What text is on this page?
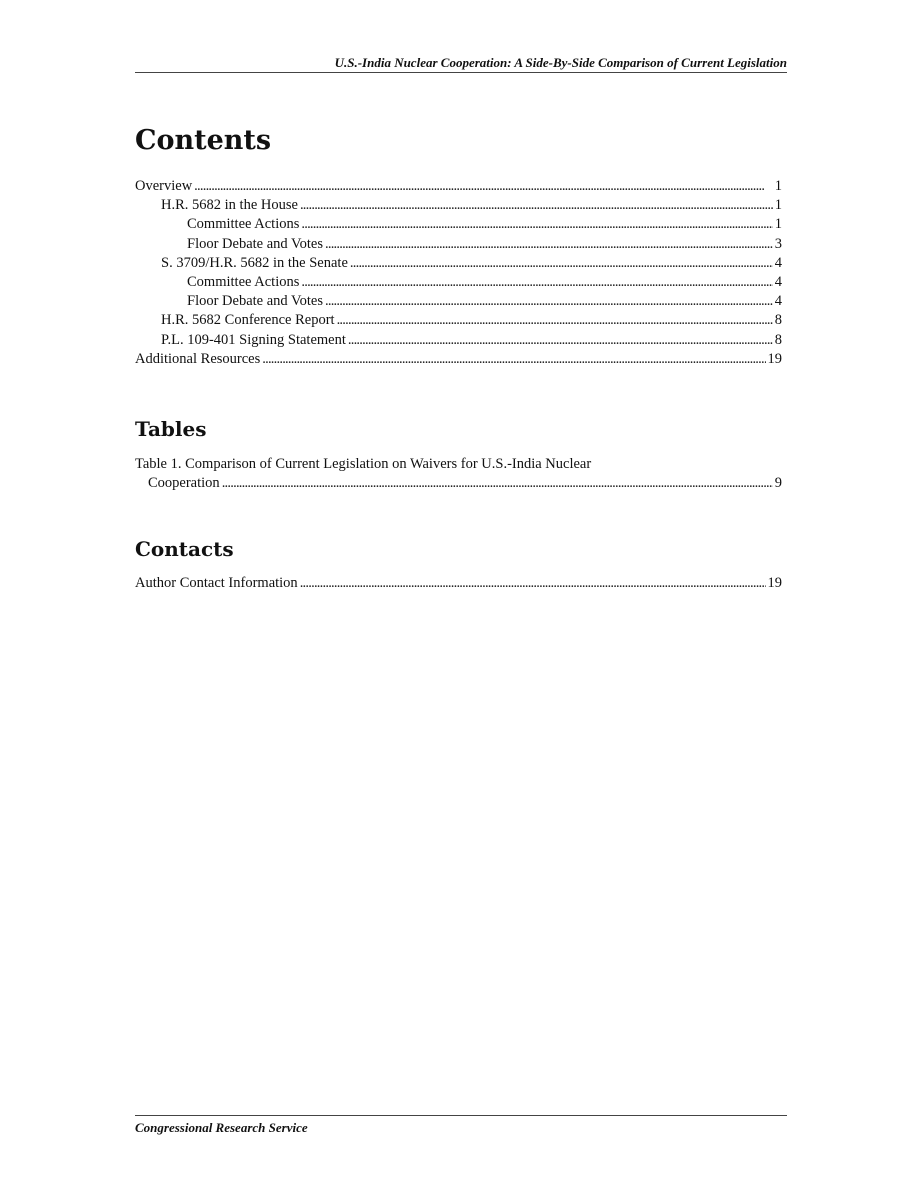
U.S.-India Nuclear Cooperation: A Side-By-Side Comparison of Current Legislation
Contents
Overview . . .	1
H.R. 5682 in the House . . .	1
Committee Actions . . .	1
Floor Debate and Votes . . .	3
S. 3709/H.R. 5682 in the Senate . . .	4
Committee Actions . . .	4
Floor Debate and Votes . . .	4
H.R. 5682 Conference Report . . .	8
P.L. 109-401 Signing Statement . . .	8
Additional Resources . . .	19
Tables
Table 1. Comparison of Current Legislation on Waivers for U.S.-India Nuclear
Cooperation . . .	9
Contacts
Author Contact Information . . .	19
Congressional Research Service
